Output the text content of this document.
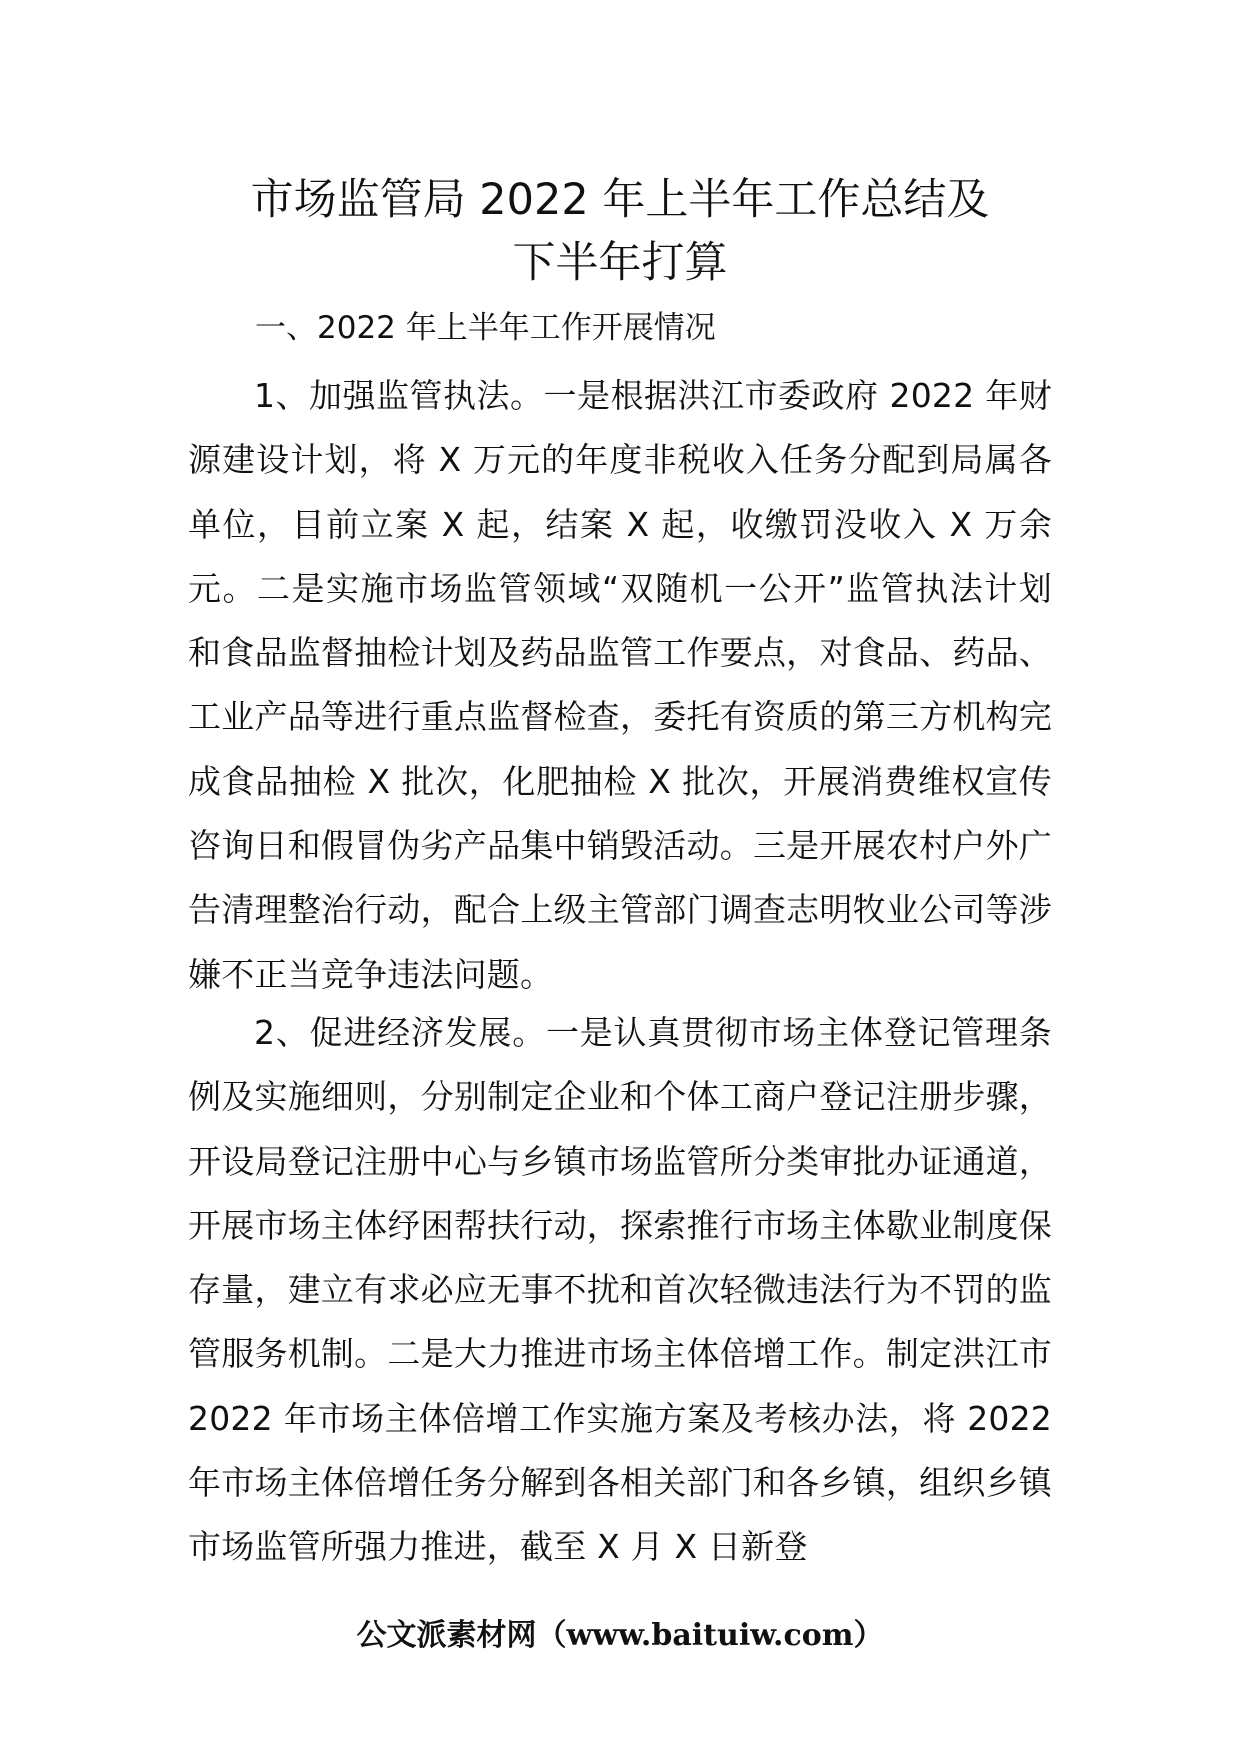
市场监管局 2022 年上半年工作总结及
下半年打算
一、2022 年上半年工作开展情况

1、加强监管执法。一是根据洪江市委政府 2022 年财源建设计划，将 X 万元的年度非税收入任务分配到局属各单位，目前立案 X 起，结案 X 起，收缴罚没收入 X 万余元。二是实施市场监管领域“双随机一公开”监管执法计划和食品监督抽检计划及药品监管工作要点，对食品、药品、工业产品等进行重点监督检查，委托有资质的第三方机构完成食品抽检 X 批次，化肥抽检 X 批次，开展消费维权宣传咨询日和假冒伪劣产品集中销毁活动。三是开展农村户外广告清理整治行动，配合上级主管部门调查志明牧业公司等涉嫌不正当竞争违法问题。

2、促进经济发展。一是认真贯彻市场主体登记管理条例及实施细则，分别制定企业和个体工商户登记注册步骤，开设局登记注册中心与乡镇市场监管所分类审批办证通道，开展市场主体纾困帮扶行动，探索推行市场主体歇业制度保存量，建立有求必应无事不扰和首次轻微违法行为不罚的监管服务机制。二是大力推进市场主体倍增工作。制定洪江市 2022 年市场主体倍增工作实施方案及考核办法，将 2022 年市场主体倍增任务分解到各相关部门和各乡镇，组织乡镇市场监管所强力推进，截至 X 月 X 日新登

公文派素材网（www.baituiw.com）
